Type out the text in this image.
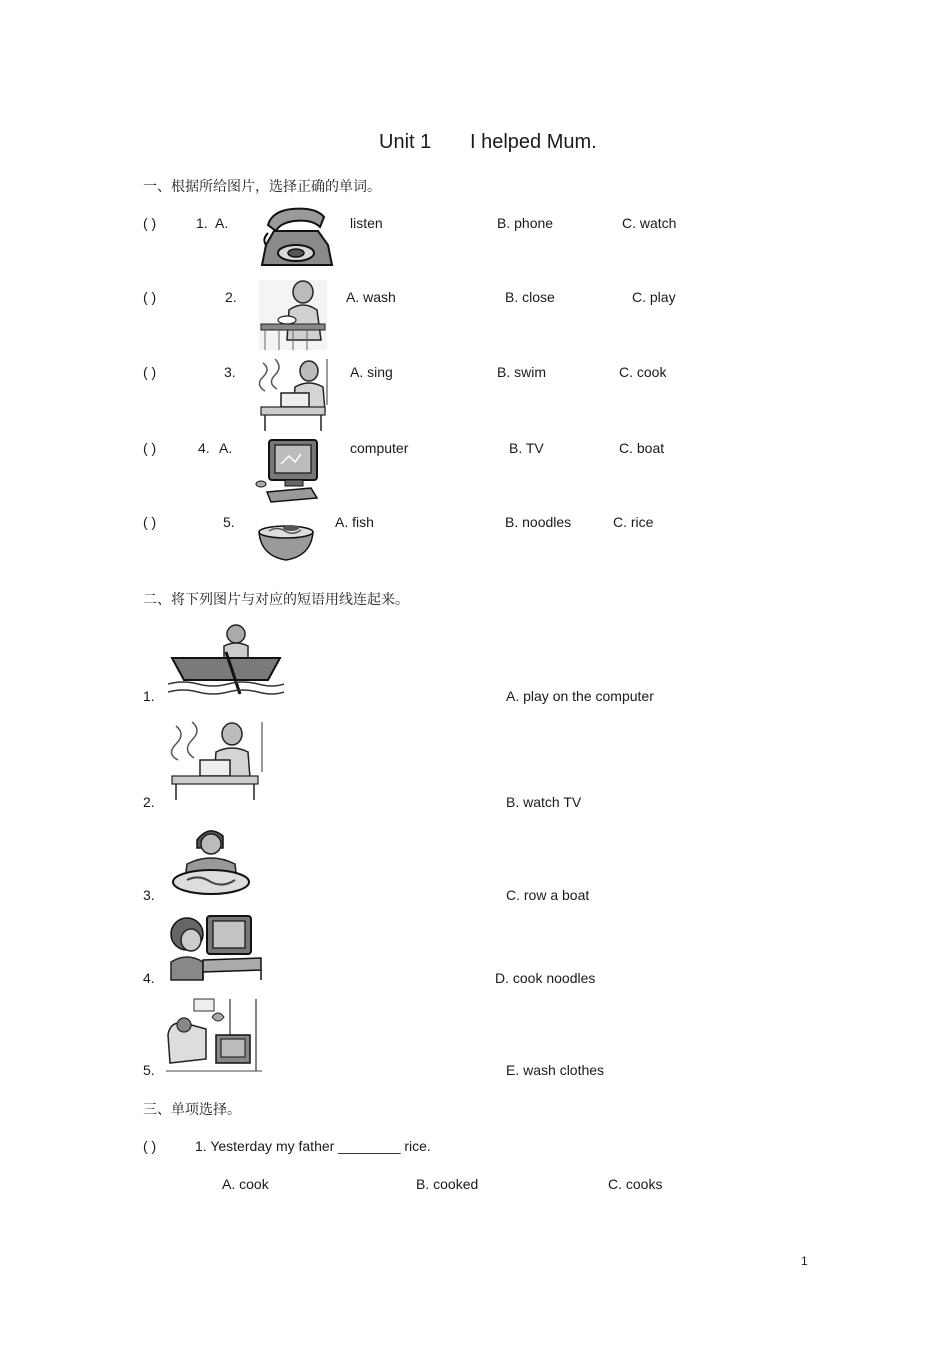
Unit 1 I helped Mum.
一、根据所给图片，选择正确的单词。
( )	1. A.	listen	B. phone	C. watch
( )	2.	A. wash	B. close	C. play
( )	3.	A. sing	B. swim	C. cook
( )	4. A.	computer	B. TV	C. boat
( )	5.	A. fish	B. noodles	C. rice
二、将下列图片与对应的短语用线连起来。
1.	A. play on the computer
2.	B. watch TV
3.	C. row a boat
4.	D. cook noodles
5.	E. wash clothes
三、单项选择。
( )	1. Yesterday my father ________ rice.
A. cook	B. cooked	C. cooks
1
